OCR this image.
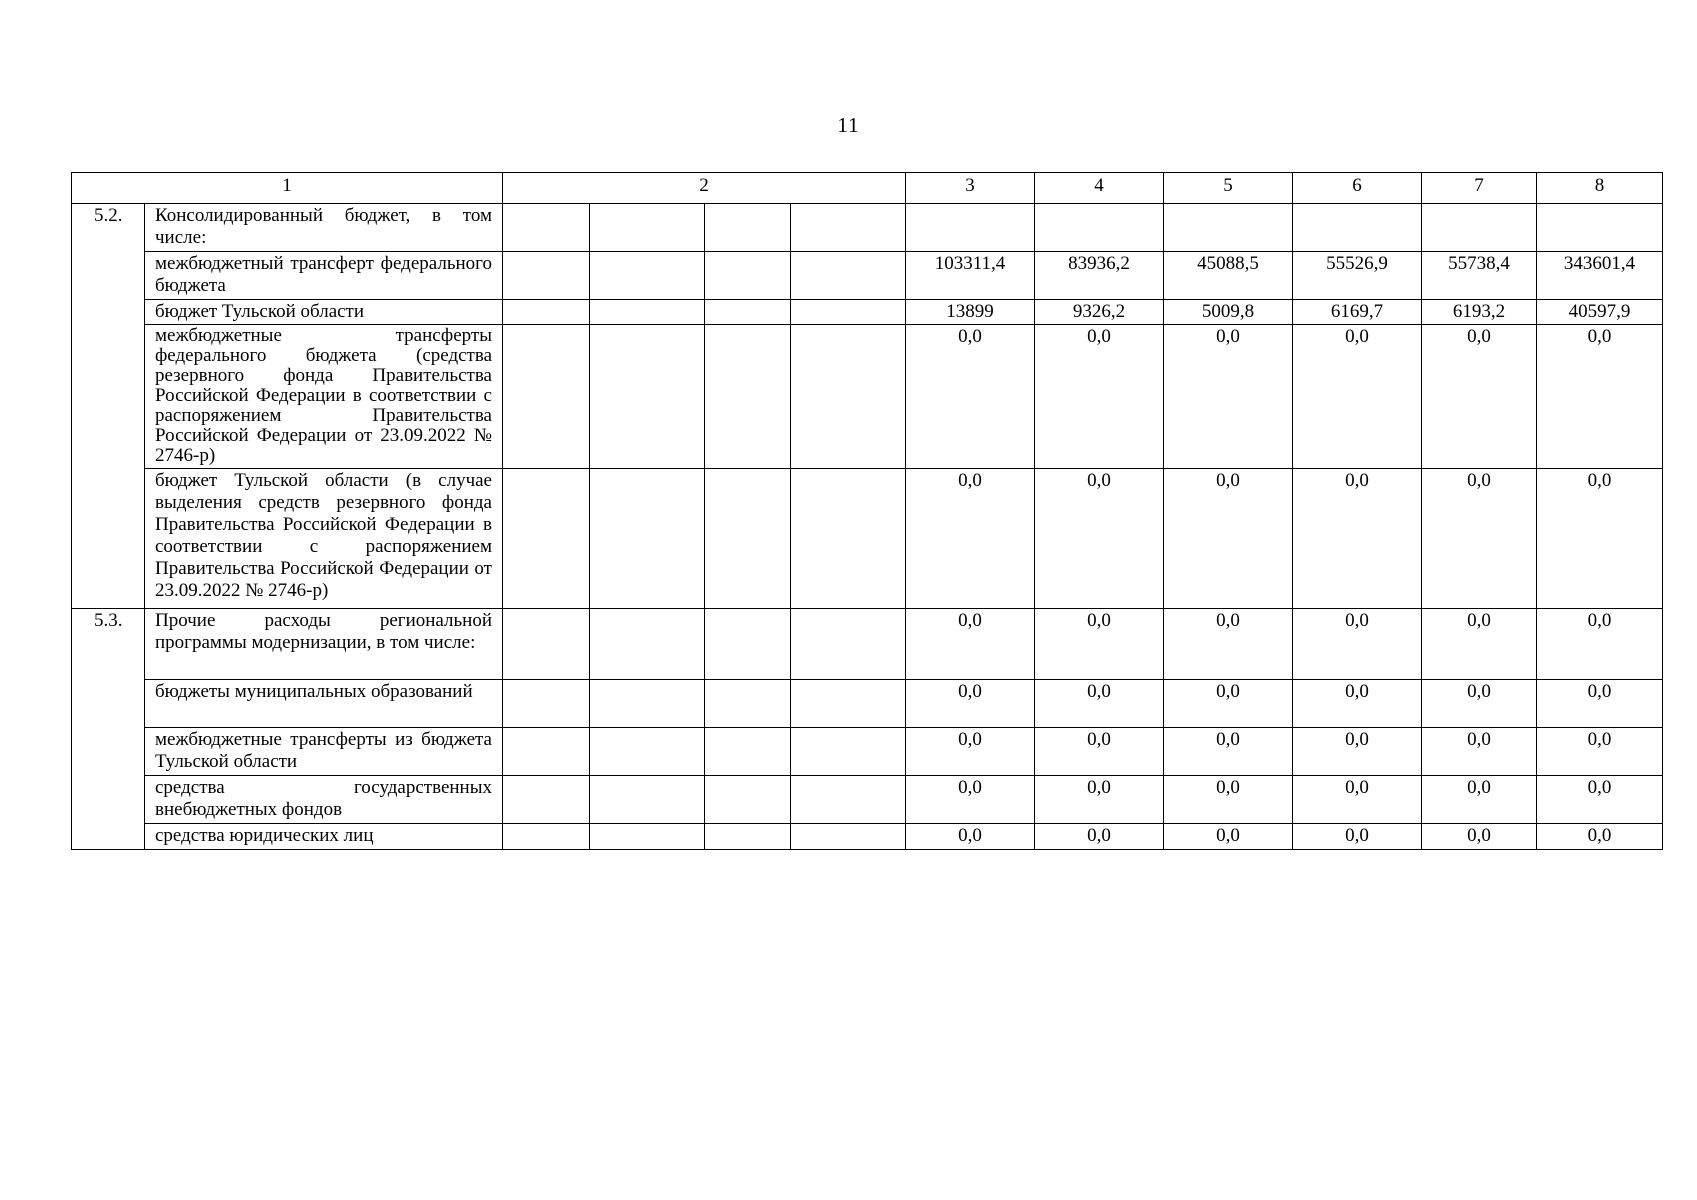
11
1		2				3	4	5	6	7	8
5.2.	Консолидированный бюджет, в том числе:										
	межбюджетный трансферт федерального бюджета					103311,4	83936,2	45088,5	55526,9	55738,4	343601,4
	бюджет Тульской области					13899	9326,2	5009,8	6169,7	6193,2	40597,9
	межбюджетные трансферты федерального бюджета (средства резервного фонда Правительства Российской Федерации в соответствии с распоряжением Правительства Российской Федерации от 23.09.2022 № 2746-р)					0,0	0,0	0,0	0,0	0,0	0,0
	бюджет Тульской области (в случае выделения средств резервного фонда Правительства Российской Федерации в соответствии с распоряжением Правительства Российской Федерации от 23.09.2022 № 2746-р)					0,0	0,0	0,0	0,0	0,0	0,0
5.3.	Прочие расходы региональной программы модернизации, в том числе:					0,0	0,0	0,0	0,0	0,0	0,0
	бюджеты муниципальных образований					0,0	0,0	0,0	0,0	0,0	0,0
	межбюджетные трансферты из бюджета Тульской области					0,0	0,0	0,0	0,0	0,0	0,0
	средства государственных внебюджетных фондов					0,0	0,0	0,0	0,0	0,0	0,0
	средства юридических лиц					0,0	0,0	0,0	0,0	0,0	0,0
